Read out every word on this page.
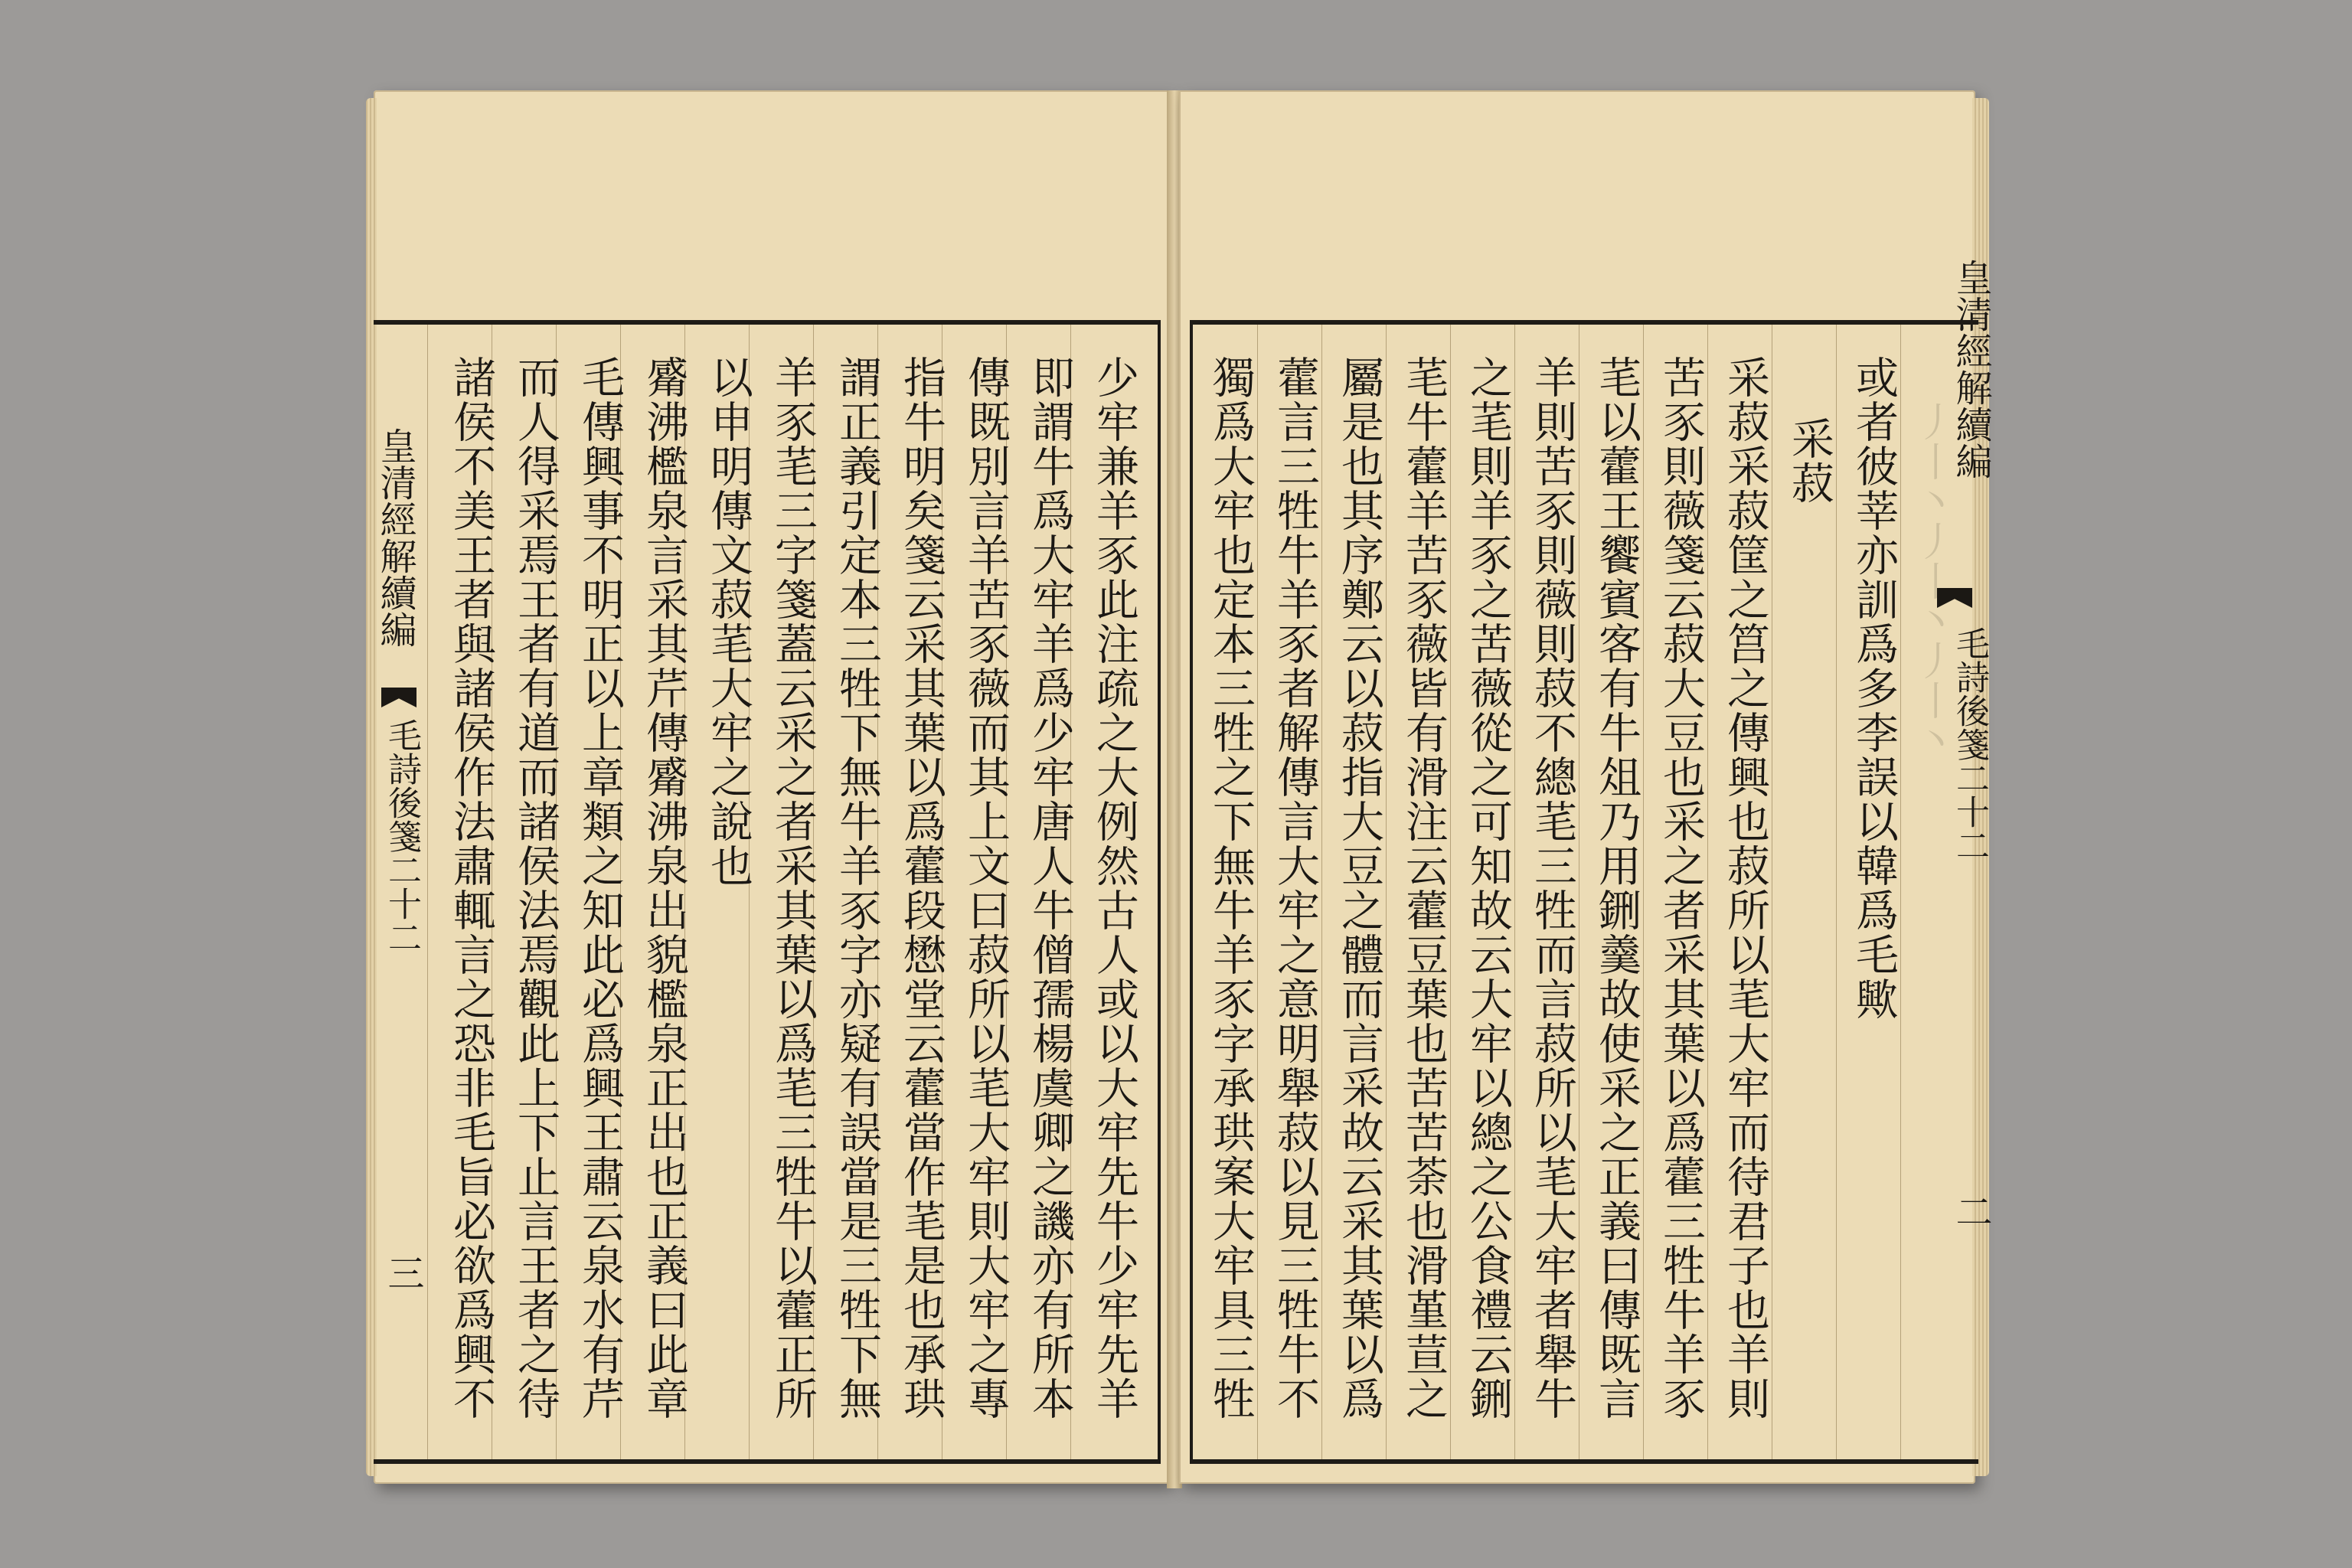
皇清經解續編
毛詩後箋二十二
三	少牢兼羊豕此注疏之大例然古人或以大牢先牛少牢先羊
即謂牛爲大牢羊爲少牢唐人牛僧孺楊虞卿之譏亦有所本
傳既別言羊苦豕薇而其上文曰菽所以芼大牢則大牢之專
指牛明矣箋云采其葉以爲藿段懋堂云藿當作芼是也承珙
謂正義引定本三牲下無牛羊豕字亦疑有誤當是三牲下無
羊豕芼三字箋蓋云采之者采其葉以爲芼三牲牛以藿正所
以申明傳文菽芼大牢之說也
觱沸檻泉言采其芹傳觱沸泉出貌檻泉正出也正義曰此章
毛傳興事不明正以上章類之知此必爲興王肅云泉水有芹
而人得采焉王者有道而諸侯法焉觀此上下止言王者之待
諸侯不美王者與諸侯作法肅輒言之恐非毛旨必欲爲興不	皇清經解續編
毛詩後箋二十二
二
丿丨丶丿丨丶丿丨丶
或者彼莘亦訓爲多李誤以韓爲毛歟
采菽
采菽采菽筐之筥之傳興也菽所以芼大牢而待君子也羊則
苦豕則薇箋云菽大豆也采之者采其葉以爲藿三牲牛羊豕
芼以藿王饗賓客有牛俎乃用鉶羹故使采之正義曰傳既言
羊則苦豕則薇則菽不總芼三牲而言菽所以芼大牢者舉牛
之芼則羊豕之苦薇從之可知故云大牢以總之公食禮云鉶
芼牛藿羊苦豕薇皆有滑注云藿豆葉也苦苦荼也滑堇荁之
屬是也其序鄭云以菽指大豆之體而言采故云采其葉以爲
藿言三牲牛羊豕者解傳言大牢之意明舉菽以見三牲牛不
獨爲大牢也定本三牲之下無牛羊豕字承珙案大牢具三牲
